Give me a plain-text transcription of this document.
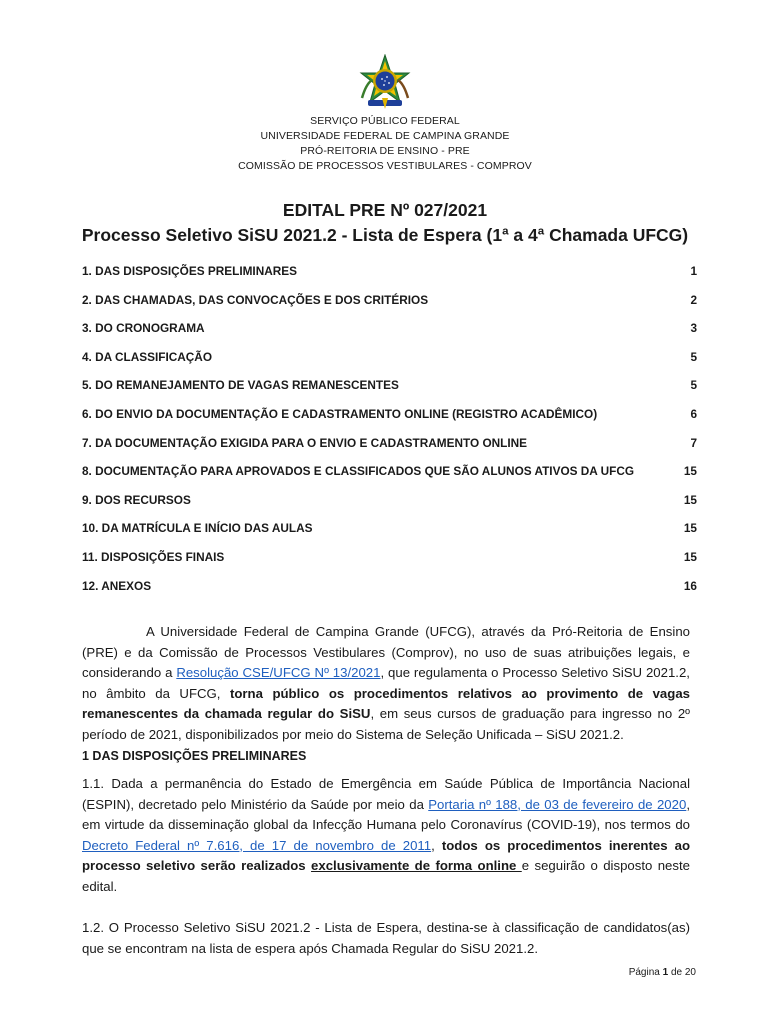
SERVIÇO PÚBLICO FEDERAL
UNIVERSIDADE FEDERAL DE CAMPINA GRANDE
PRÓ-REITORIA DE ENSINO - PRE
COMISSÃO DE PROCESSOS VESTIBULARES - COMPROV
EDITAL PRE Nº 027/2021
Processo Seletivo SiSU 2021.2 - Lista de Espera (1ª a 4ª Chamada UFCG)
1. DAS DISPOSIÇÕES PRELIMINARES	1
2. DAS CHAMADAS, DAS CONVOCAÇÕES E DOS CRITÉRIOS	2
3. DO CRONOGRAMA	3
4. DA CLASSIFICAÇÃO	5
5. DO REMANEJAMENTO DE VAGAS REMANESCENTES	5
6. DO ENVIO DA DOCUMENTAÇÃO E CADASTRAMENTO ONLINE (REGISTRO ACADÊMICO)	6
7. DA DOCUMENTAÇÃO EXIGIDA PARA O ENVIO E CADASTRAMENTO ONLINE	7
8. DOCUMENTAÇÃO PARA APROVADOS E CLASSIFICADOS QUE SÃO ALUNOS ATIVOS DA UFCG	15
9. DOS RECURSOS	15
10. DA MATRÍCULA E INÍCIO DAS AULAS	15
11. DISPOSIÇÕES FINAIS	15
12. ANEXOS	16
A Universidade Federal de Campina Grande (UFCG), através da Pró-Reitoria de Ensino (PRE) e da Comissão de Processos Vestibulares (Comprov), no uso de suas atribuições legais, e considerando a Resolução CSE/UFCG Nº 13/2021, que regulamenta o Processo Seletivo SiSU 2021.2, no âmbito da UFCG, torna público os procedimentos relativos ao provimento de vagas remanescentes da chamada regular do SiSU, em seus cursos de graduação para ingresso no 2º período de 2021, disponibilizados por meio do Sistema de Seleção Unificada – SiSU 2021.2.
1 DAS DISPOSIÇÕES PRELIMINARES
1.1. Dada a permanência do Estado de Emergência em Saúde Pública de Importância Nacional (ESPIN), decretado pelo Ministério da Saúde por meio da Portaria nº 188, de 03 de fevereiro de 2020, em virtude da disseminação global da Infecção Humana pelo Coronavírus (COVID-19), nos termos do Decreto Federal nº 7.616, de 17 de novembro de 2011, todos os procedimentos inerentes ao processo seletivo serão realizados exclusivamente de forma online e seguirão o disposto neste edital.
1.2. O Processo Seletivo SiSU 2021.2 - Lista de Espera, destina-se à classificação de candidatos(as) que se encontram na lista de espera após Chamada Regular do SiSU 2021.2.
Página 1 de 20
